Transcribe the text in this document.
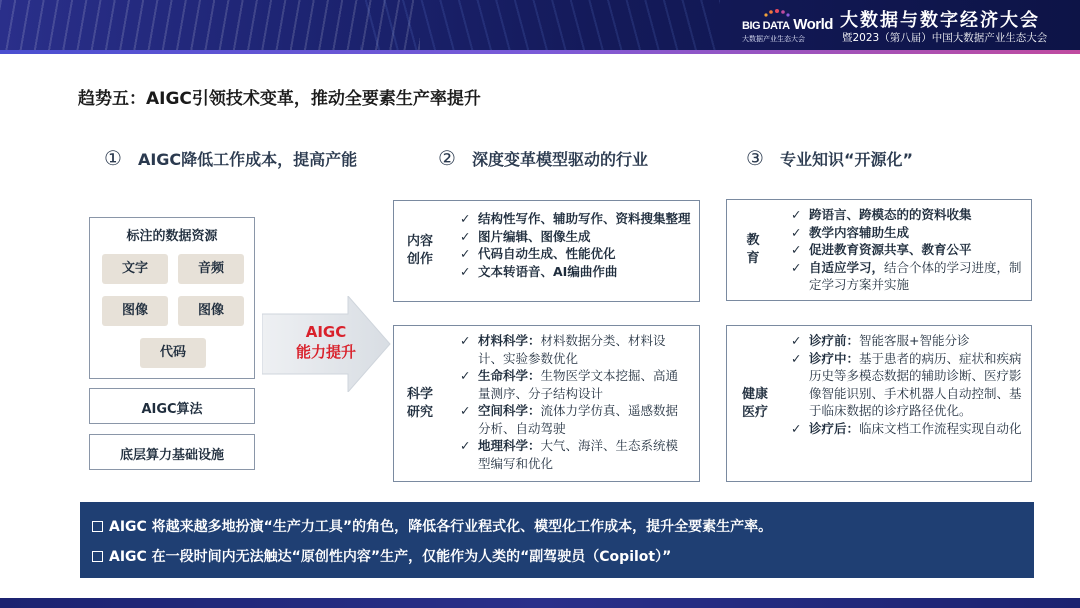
BIG DATA World
大数据产业生态大会
大数据与数字经济大会
暨2023（第八届）中国大数据产业生态大会
趋势五：AIGC引领技术变革，推动全要素生产率提升
① AIGC降低工作成本，提高产能	② 深度变革模型驱动的行业	③ 专业知识“开源化”
标注的数据资源
文字	音频
图像	图像
代码
AIGC算法
底层算力基础设施
AIGC
能力提升
内容
创作
✓ 结构性写作、辅助写作、资料搜集整理
✓ 图片编辑、图像生成
✓ 代码自动生成、性能优化
✓ 文本转语音、AI编曲作曲
科学
研究
✓ 材料科学：材料数据分类、材料设计、实验参数优化
✓ 生命科学：生物医学文本挖掘、高通量测序、分子结构设计
✓ 空间科学：流体力学仿真、遥感数据分析、自动驾驶
✓ 地理科学：大气、海洋、生态系统模型编写和优化
教
育
✓ 跨语言、跨模态的的资料收集
✓ 教学内容辅助生成
✓ 促进教育资源共享、教育公平
✓ 自适应学习，结合个体的学习进度，制定学习方案并实施
健康
医疗
✓ 诊疗前：智能客服+智能分诊
✓ 诊疗中：基于患者的病历、症状和疾病历史等多模态数据的辅助诊断、医疗影像智能识别、手术机器人自动控制、基于临床数据的诊疗路径优化。
✓ 诊疗后：临床文档工作流程实现自动化
AIGC 将越来越多地扮演“生产力工具”的角色，降低各行业程式化、模型化工作成本，提升全要素生产率。
AIGC 在一段时间内无法触达“原创性内容”生产，仅能作为人类的“副驾驶员（Copilot）”
